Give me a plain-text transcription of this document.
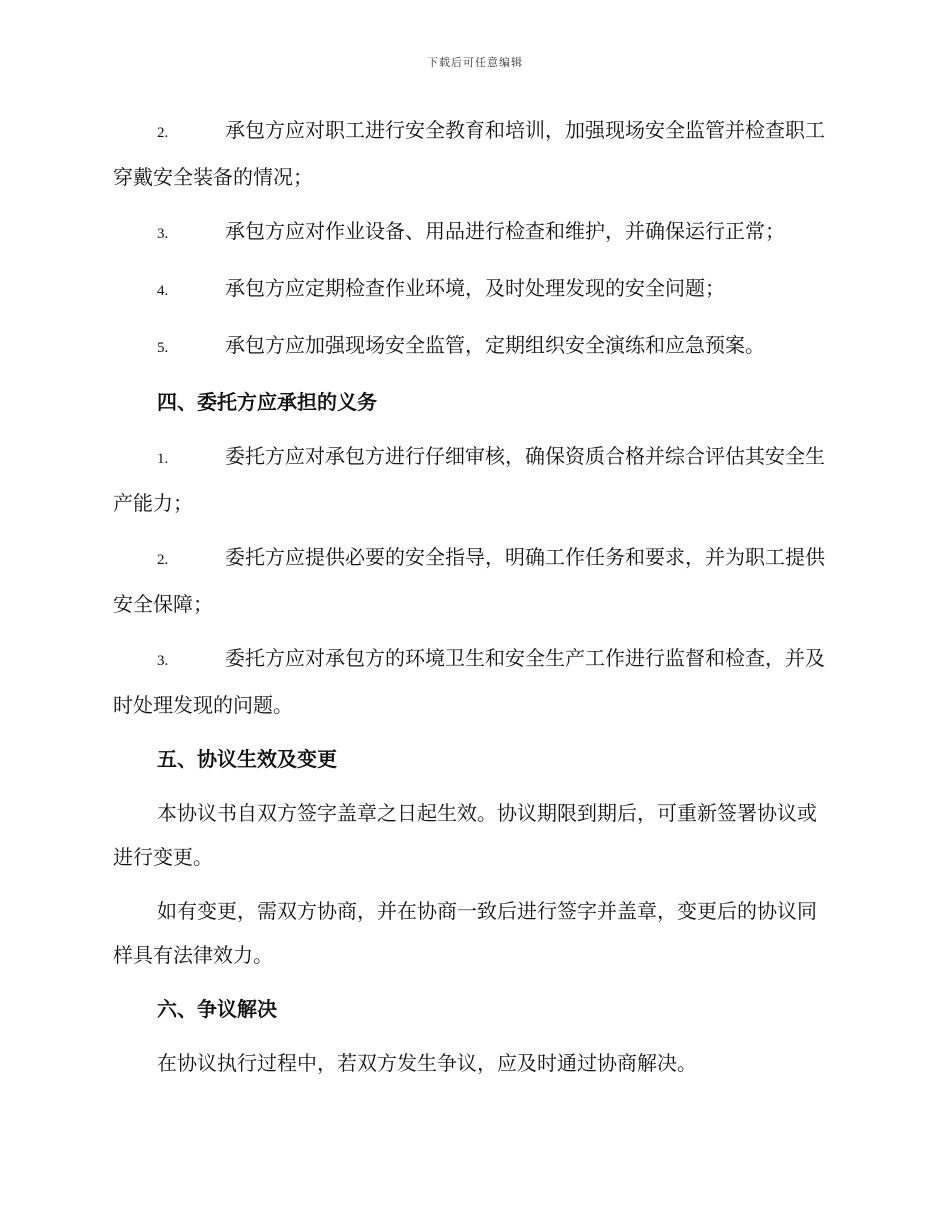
下载后可任意编辑
2.	承包方应对职工进行安全教育和培训，加强现场安全监管并检查职工穿戴安全装备的情况；
3.	承包方应对作业设备、用品进行检查和维护，并确保运行正常；
4.	承包方应定期检查作业环境，及时处理发现的安全问题；
5.	承包方应加强现场安全监管，定期组织安全演练和应急预案。
四、委托方应承担的义务
1.	委托方应对承包方进行仔细审核，确保资质合格并综合评估其安全生产能力；
2.	委托方应提供必要的安全指导，明确工作任务和要求，并为职工提供安全保障；
3.	委托方应对承包方的环境卫生和安全生产工作进行监督和检查，并及时处理发现的问题。
五、协议生效及变更
本协议书自双方签字盖章之日起生效。协议期限到期后，可重新签署协议或进行变更。
如有变更，需双方协商，并在协商一致后进行签字并盖章，变更后的协议同样具有法律效力。
六、争议解决
在协议执行过程中，若双方发生争议，应及时通过协商解决。
